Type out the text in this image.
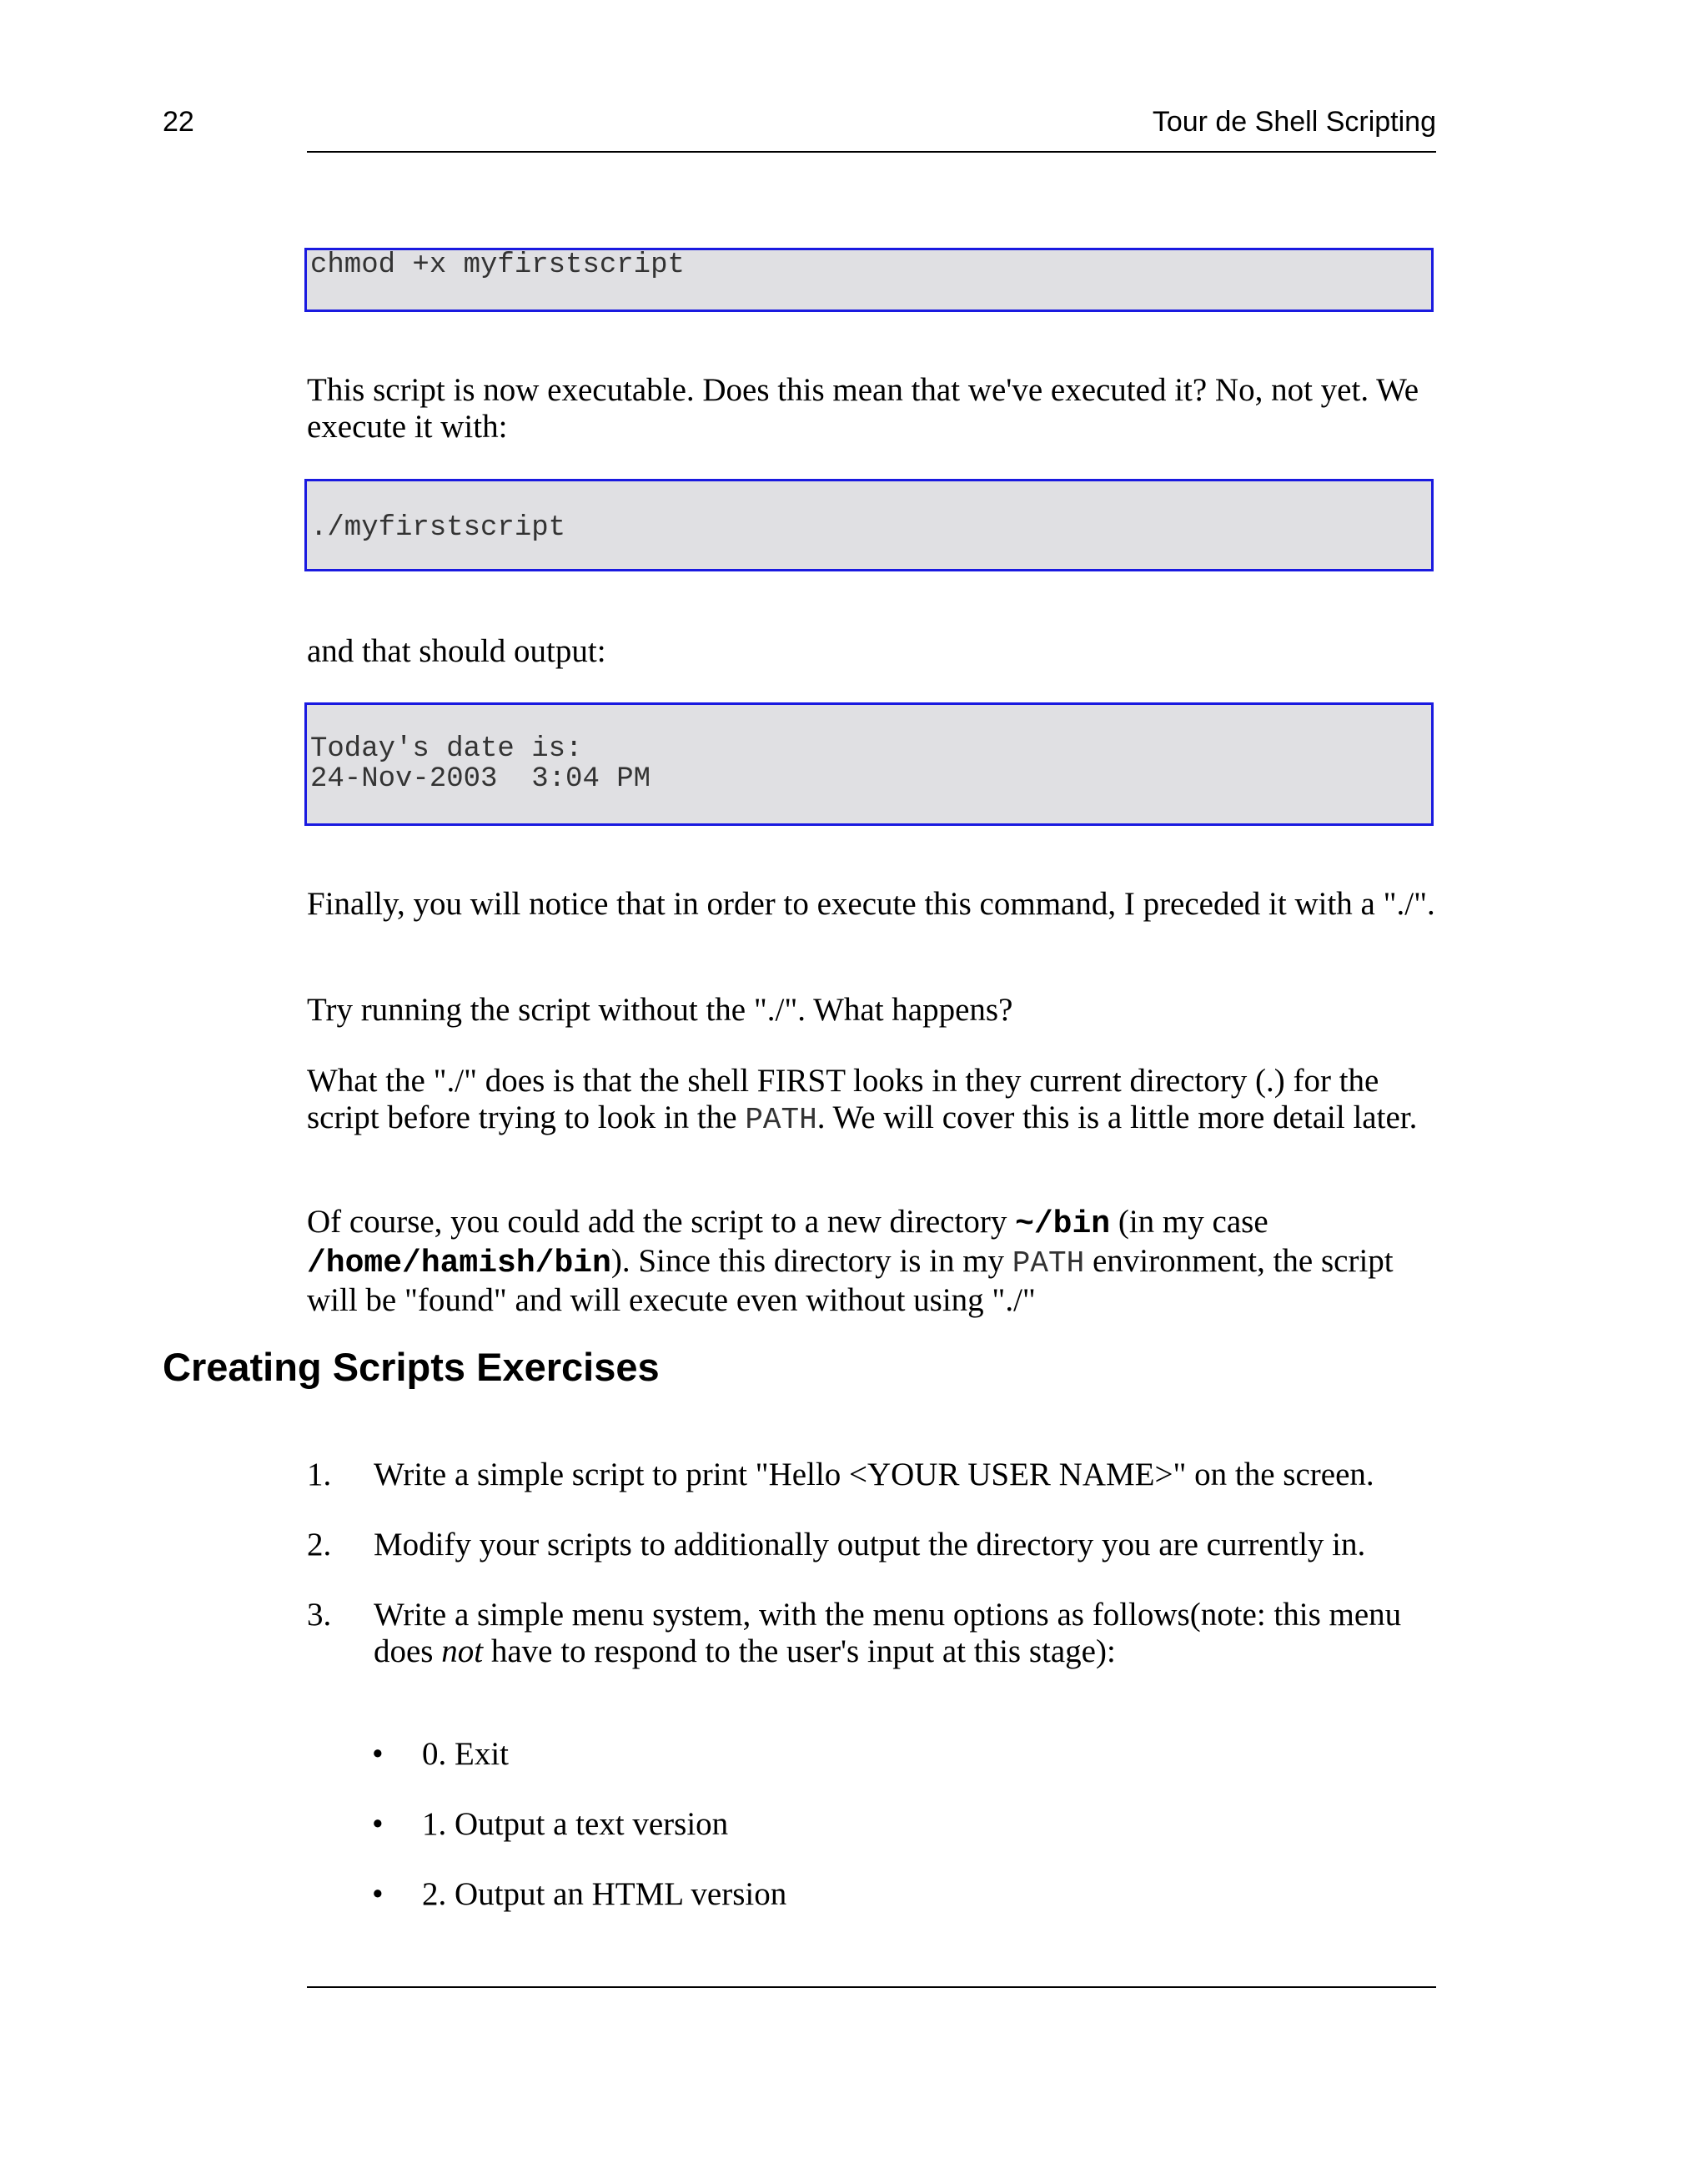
22	Tour de Shell Scripting
chmod +x myfirstscript

This script is now executable. Does this mean that we've executed it? No, not yet. We execute it with:

./myfirstscript

and that should output:

Today's date is:
24-Nov-2003  3:04 PM

Finally, you will notice that in order to execute this command, I preceded it with a "./".

Try running the script without the "./". What happens?

What the "./" does is that the shell FIRST looks in they current directory (.) for the script before trying to look in the PATH. We will cover this is a little more detail later.

Of course, you could add the script to a new directory ~/bin (in my case /home/hamish/bin). Since this directory is in my PATH environment, the script will be "found" and will execute even without using "./"

Creating Scripts Exercises
1. Write a simple script to print "Hello <YOUR USER NAME>" on the screen.
2. Modify your scripts to additionally output the directory you are currently in.
3. Write a simple menu system, with the menu options as follows(note: this menu does not have to respond to the user's input at this stage):
• 0. Exit
• 1. Output a text version
• 2. Output an HTML version
